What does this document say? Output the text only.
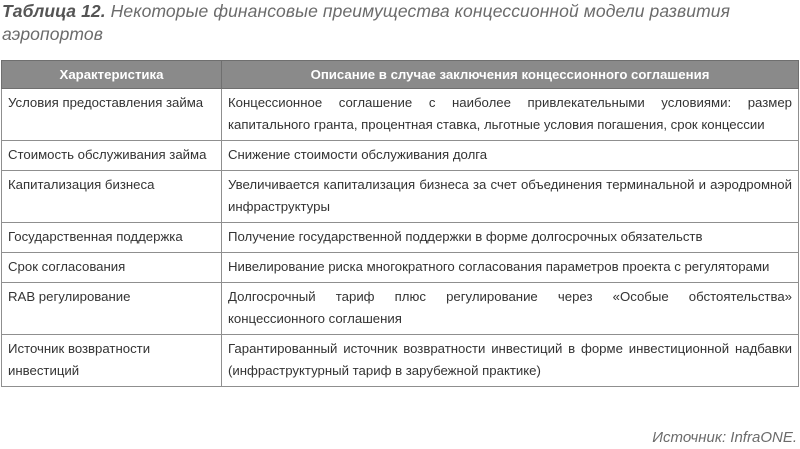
Таблица 12. Некоторые финансовые преимущества концессионной модели развития аэропортов
Характеристика	Описание в случае заключения концессионного соглашения
Условия предоставления займа	Концессионное соглашение с наиболее привлекательными условиями: размер капитального гранта, процентная ставка, льготные условия погашения, срок концессии
Стоимость обслуживания займа	Снижение стоимости обслуживания долга
Капитализация бизнеса	Увеличивается капитализация бизнеса за счет объединения терминальной и аэродромной инфраструктуры
Государственная поддержка	Получение государственной поддержки в форме долгосрочных обязательств
Срок согласования	Нивелирование риска многократного согласования параметров проекта с регуляторами
RAB регулирование	Долгосрочный тариф плюс регулирование через «Особые обстоятельства» концессионного соглашения
Источник возвратности инвестиций	Гарантированный источник возвратности инвестиций в форме инвестиционной надбавки (инфраструктурный тариф в зарубежной практике)
Источник: InfraONE.
